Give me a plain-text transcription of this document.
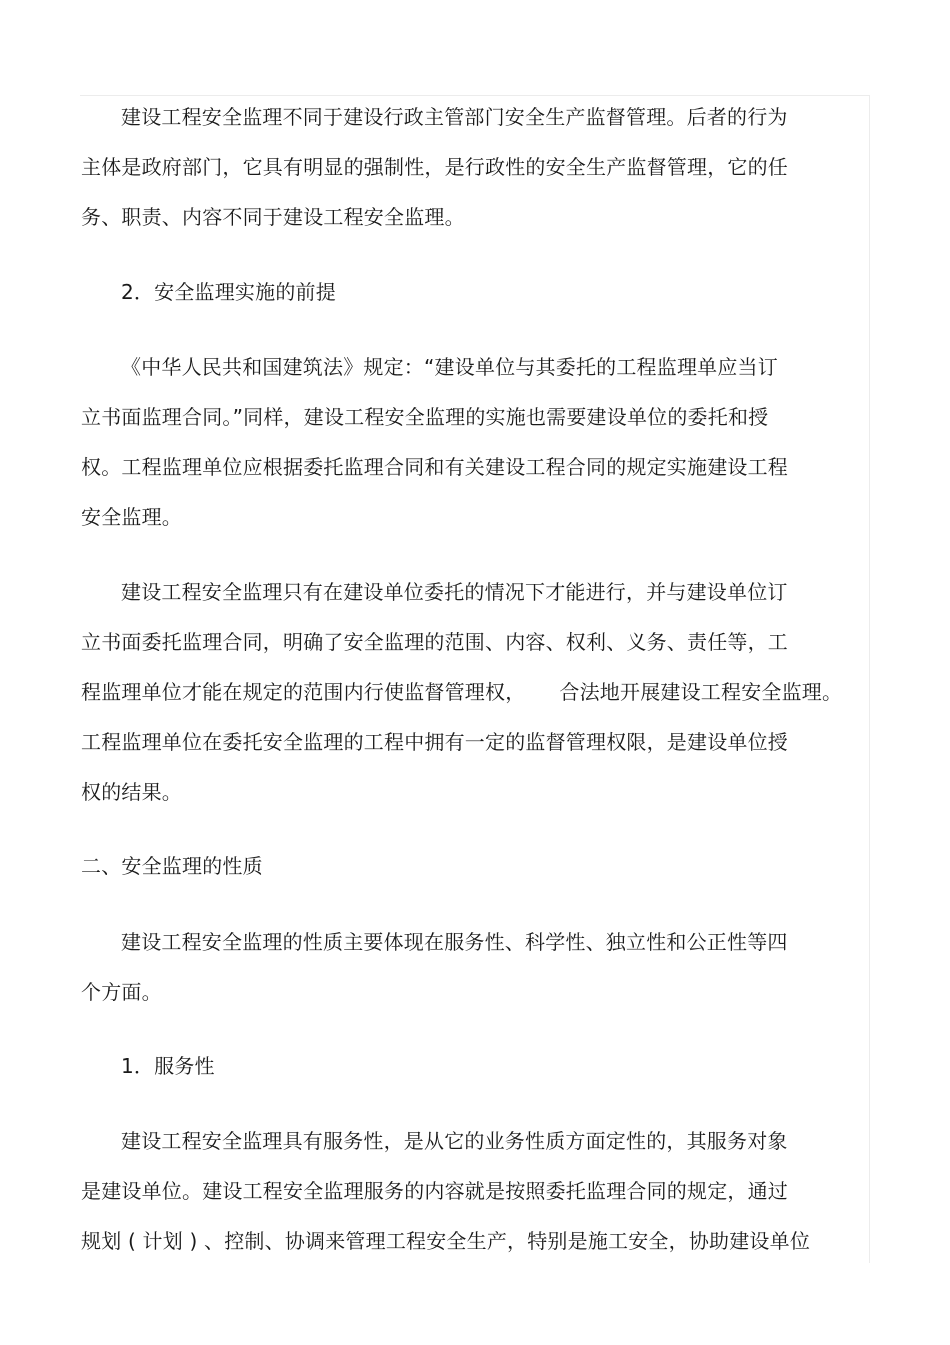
建设工程安全监理不同于建设行政主管部门安全生产监督管理。后者的行为
主体是政府部门，它具有明显的强制性，是行政性的安全生产监督管理，它的任
务、职责、内容不同于建设工程安全监理。
2．安全监理实施的前提
《中华人民共和国建筑法》规定：“建设单位与其委托的工程监理单应当订
立书面监理合同。”同样，建设工程安全监理的实施也需要建设单位的委托和授
权。工程监理单位应根据委托监理合同和有关建设工程合同的规定实施建设工程
安全监理。
建设工程安全监理只有在建设单位委托的情况下才能进行，并与建设单位订
立书面委托监理合同，明确了安全监理的范围、内容、权利、义务、责任等，工
程监理单位才能在规定的范围内行使监督管理权， 合法地开展建设工程安全监理。
工程监理单位在委托安全监理的工程中拥有一定的监督管理权限，是建设单位授
权的结果。
二、安全监理的性质
建设工程安全监理的性质主要体现在服务性、科学性、独立性和公正性等四
个方面。
1．服务性
建设工程安全监理具有服务性，是从它的业务性质方面定性的，其服务对象
是建设单位。建设工程安全监理服务的内容就是按照委托监理合同的规定，通过
规划 ( 计划 ) 、控制、协调来管理工程安全生产，特别是施工安全，协助建设单位
